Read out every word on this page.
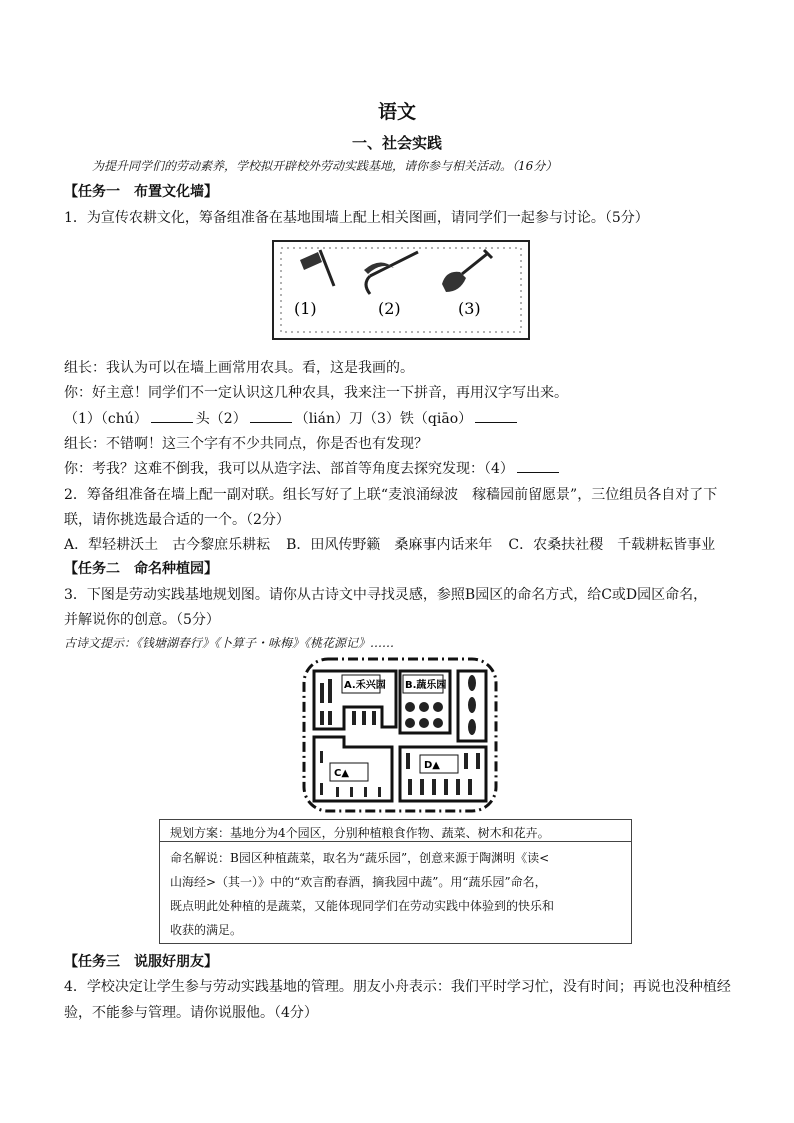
语文
一、社会实践
为提升同学们的劳动素养，学校拟开辟校外劳动实践基地，请你参与相关活动。（16分）
【任务一　布置文化墙】
1．为宣传农耕文化，筹备组准备在基地围墙上配上相关图画，请同学们一起参与讨论。（5分）
(1)	(2)	(3)
组长：我认为可以在墙上画常用农具。看，这是我画的。
你：好主意！同学们不一定认识这几种农具，我来注一下拼音，再用汉字写出来。
（1）（chú）	头（2）	（lián）刀（3）铁（qiāo）
组长：不错啊！这三个字有不少共同点，你是否也有发现？
你：考我？这难不倒我，我可以从造字法、部首等角度去探究发现：（4）
2．筹备组准备在墙上配一副对联。组长写好了上联“麦浪涌绿波　稼穑园前留愿景”，三位组员各自对了下
联，请你挑选最合适的一个。（2分）
A．犁轻耕沃土　古今黎庶乐耕耘 B．田风传野籁　桑麻事内话来年 C．农桑扶社稷　千载耕耘皆事业
【任务二　命名种植园】
3．下图是劳动实践基地规划图。请你从古诗文中寻找灵感，参照B园区的命名方式，给C或D园区命名，
并解说你的创意。（5分）
古诗文提示：《钱塘湖春行》《卜算子・咏梅》《桃花源记》……
A.禾兴园 B.蔬乐园
C▲
D▲
规划方案：基地分为4个园区，分别种植粮食作物、蔬菜、树木和花卉。
命名解说：B园区种植蔬菜，取名为“蔬乐园”，创意来源于陶渊明《读<
山海经>（其一）》中的“欢言酌春酒，摘我园中蔬”。用“蔬乐园”命名，
既点明此处种植的是蔬菜，又能体现同学们在劳动实践中体验到的快乐和
收获的满足。
【任务三　说服好朋友】
4．学校决定让学生参与劳动实践基地的管理。朋友小舟表示：我们平时学习忙，没有时间；再说也没种植经
验，不能参与管理。请你说服他。（4分）
